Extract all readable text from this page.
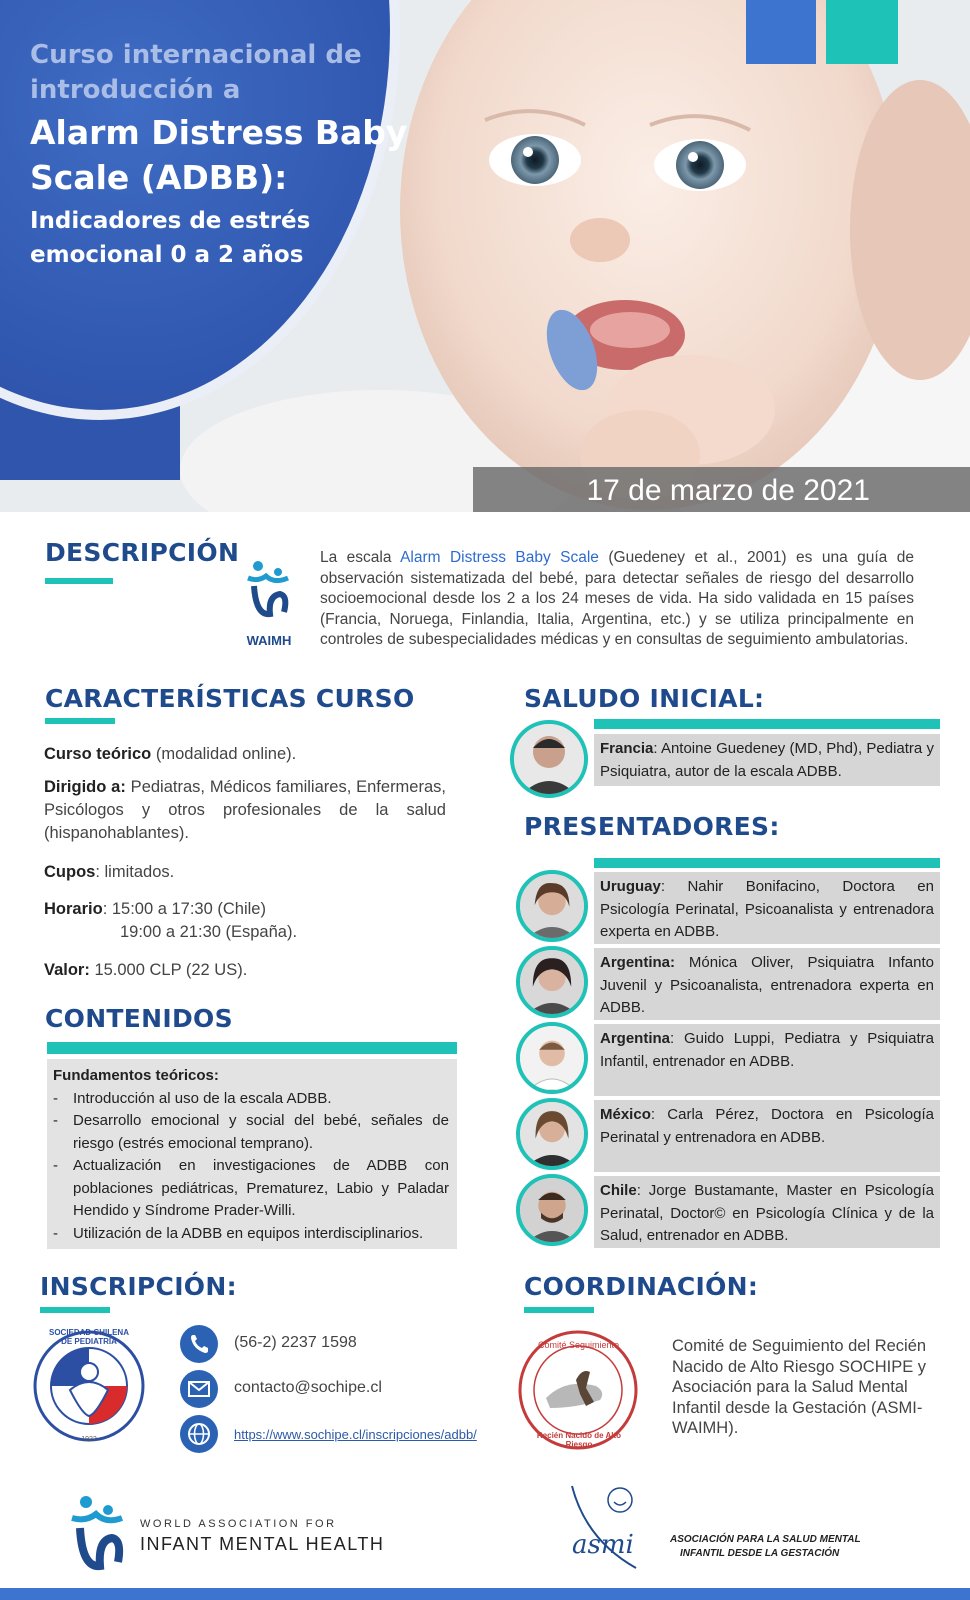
Curso internacional de introducción a
Alarm Distress Baby Scale (ADBB):
Indicadores de estrés emocional 0 a 2 años
17 de marzo de 2021
DESCRIPCIÓN
WAIMH
La escala Alarm Distress Baby Scale (Guedeney et al., 2001) es una guía de observación sistematizada del bebé, para detectar señales de riesgo del desarrollo socioemocional desde los 2 a los 24 meses de vida. Ha sido validada en 15 países (Francia, Noruega, Finlandia, Italia, Argentina, etc.) y se utiliza principalmente en controles de subespecialidades médicas y en consultas de seguimiento ambulatorias.
CARACTERÍSTICAS CURSO
Curso teórico (modalidad online).
Dirigido a: Pediatras, Médicos familiares, Enfermeras, Psicólogos y otros profesionales de la salud (hispanohablantes).
Cupos: limitados.
Horario: 15:00 a 17:30 (Chile)
19:00 a 21:30 (España).
Valor: 15.000 CLP (22 US).
CONTENIDOS
Fundamentos teóricos:
- Introducción al uso de la escala ADBB.
- Desarrollo emocional y social del bebé, señales de riesgo (estrés emocional temprano).
- Actualización en investigaciones de ADBB con poblaciones pediátricas, Prematurez, Labio y Paladar Hendido y Síndrome Prader-Willi.
- Utilización de la ADBB en equipos interdisciplinarios.
SALUDO INICIAL:
Francia: Antoine Guedeney (MD, Phd), Pediatra y Psiquiatra, autor de la escala ADBB.
PRESENTADORES:
Uruguay: Nahir Bonifacino, Doctora en Psicología Perinatal, Psicoanalista y entrenadora experta en ADBB.
Argentina: Mónica Oliver, Psiquiatra Infanto Juvenil y Psicoanalista, entrenadora experta en ADBB.
Argentina: Guido Luppi, Pediatra y Psiquiatra Infantil, entrenador en ADBB.
México: Carla Pérez, Doctora en Psicología Perinatal y entrenadora en ADBB.
Chile: Jorge Bustamante, Master en Psicología Perinatal, Doctor© en Psicología Clínica y de la Salud, entrenador en ADBB.
INSCRIPCIÓN:
SOCIEDAD CHILENA DE PEDIATRIA
1922
(56-2) 2237 1598
contacto@sochipe.cl
https://www.sochipe.cl/inscripciones/adbb/
COORDINACIÓN:
Comité Seguimiento
Recién Nacido de Alto Riesgo
Comité de Seguimiento del Recién Nacido de Alto Riesgo SOCHIPE y Asociación para la Salud Mental Infantil desde la Gestación (ASMI-WAIMH).
WORLD ASSOCIATION FOR
INFANT MENTAL HEALTH	asmi	ASOCIACIÓN PARA LA SALUD MENTAL
INFANTIL DESDE LA GESTACIÓN
